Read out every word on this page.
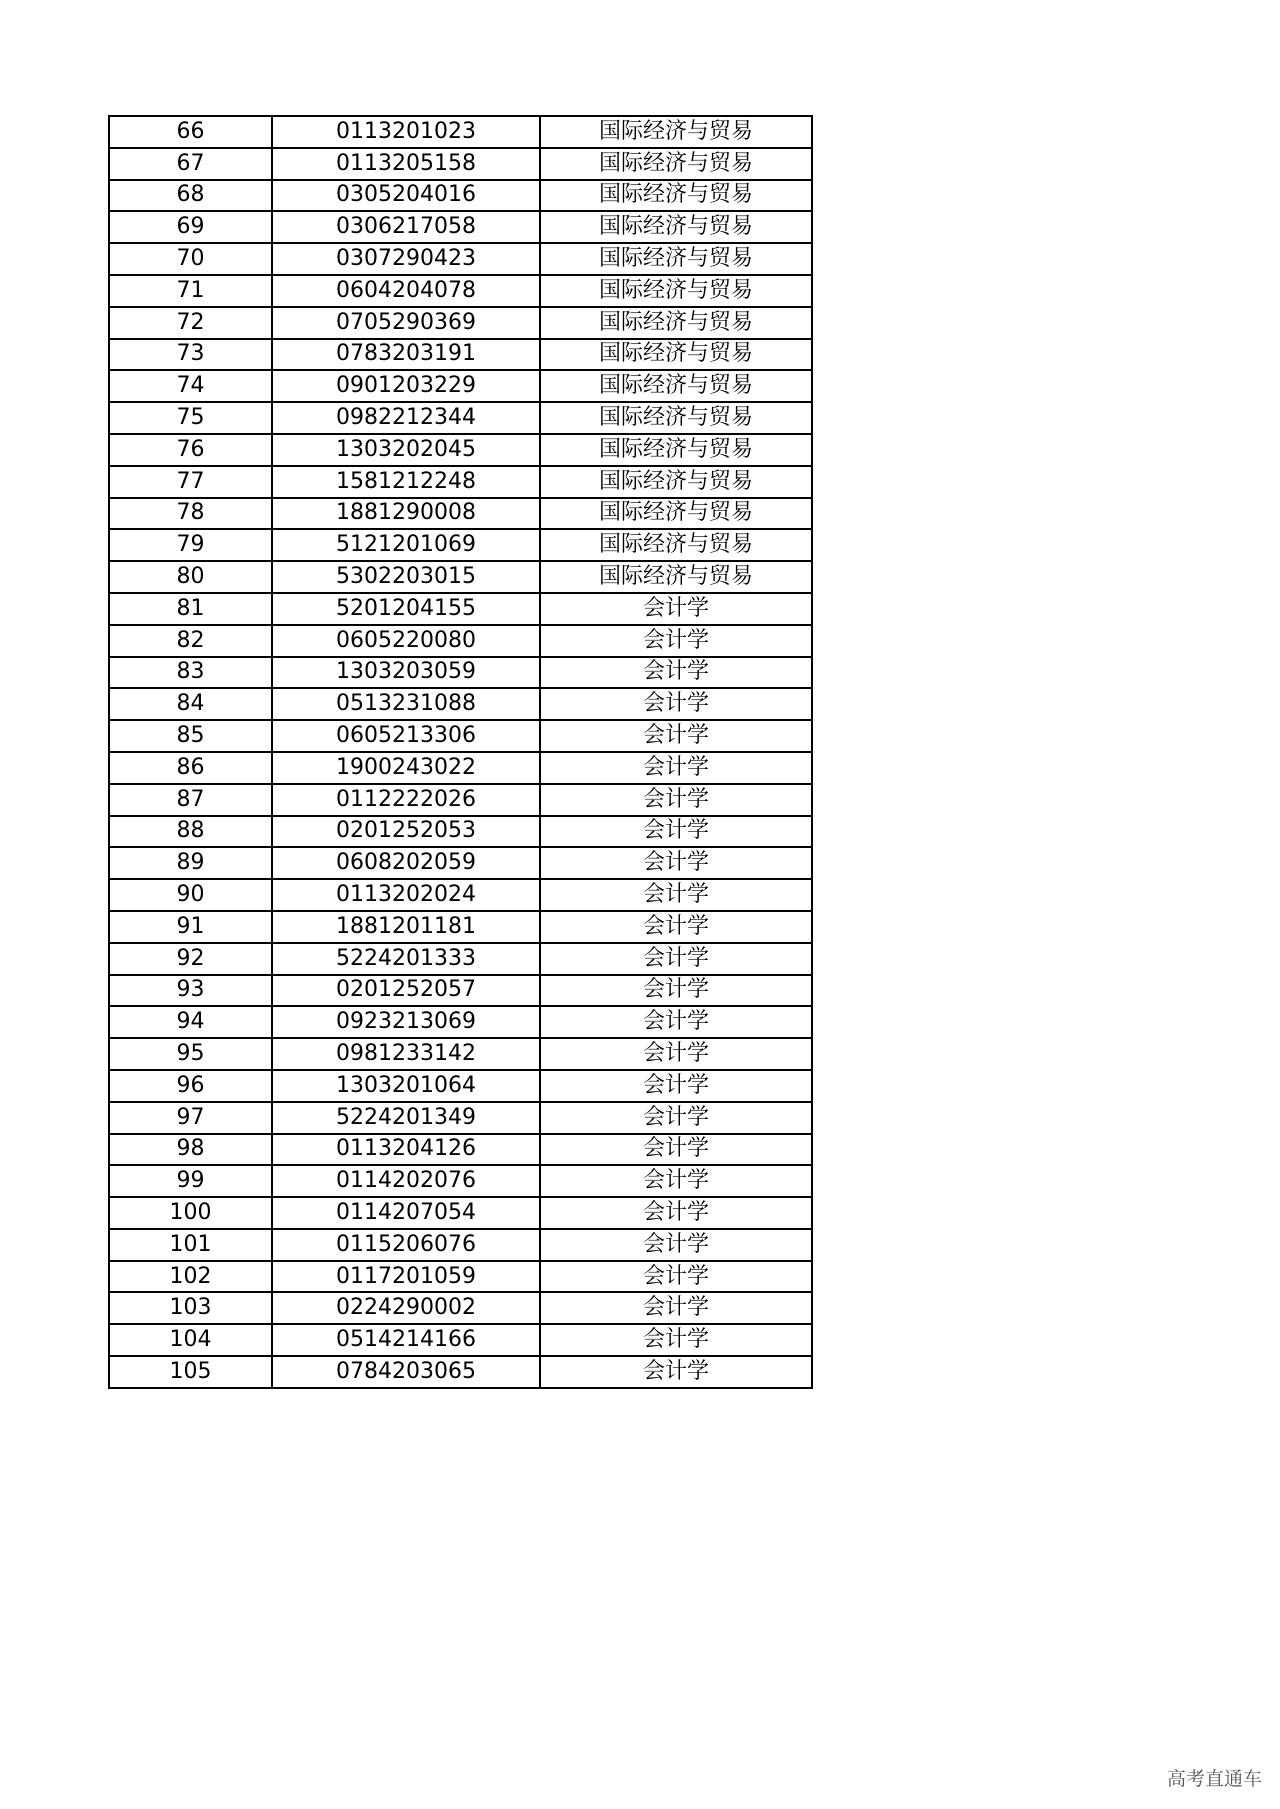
66	0113201023	国际经济与贸易
67	0113205158	国际经济与贸易
68	0305204016	国际经济与贸易
69	0306217058	国际经济与贸易
70	0307290423	国际经济与贸易
71	0604204078	国际经济与贸易
72	0705290369	国际经济与贸易
73	0783203191	国际经济与贸易
74	0901203229	国际经济与贸易
75	0982212344	国际经济与贸易
76	1303202045	国际经济与贸易
77	1581212248	国际经济与贸易
78	1881290008	国际经济与贸易
79	5121201069	国际经济与贸易
80	5302203015	国际经济与贸易
81	5201204155	会计学
82	0605220080	会计学
83	1303203059	会计学
84	0513231088	会计学
85	0605213306	会计学
86	1900243022	会计学
87	0112222026	会计学
88	0201252053	会计学
89	0608202059	会计学
90	0113202024	会计学
91	1881201181	会计学
92	5224201333	会计学
93	0201252057	会计学
94	0923213069	会计学
95	0981233142	会计学
96	1303201064	会计学
97	5224201349	会计学
98	0113204126	会计学
99	0114202076	会计学
100	0114207054	会计学
101	0115206076	会计学
102	0117201059	会计学
103	0224290002	会计学
104	0514214166	会计学
105	0784203065	会计学
高考直通车
